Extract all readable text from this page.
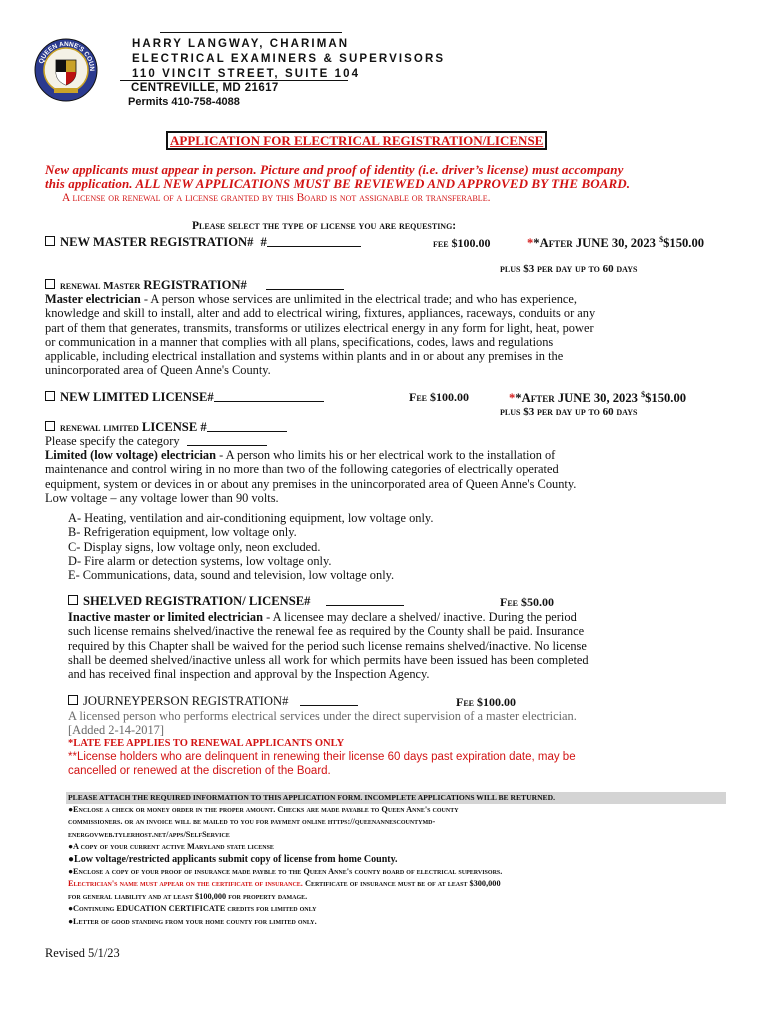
QUEEN ANNE'S COUN
HARRY LANGWAY, CHARIMAN
ELECTRICAL EXAMINERS & SUPERVISORS
110 VINCIT STREET, SUITE 104
CENTREVILLE, MD 21617
Permits 410-758-4088
APPLICATION FOR ELECTRICAL REGISTRATION/LICENSE
New applicants must appear in person. Picture and proof of identity (i.e. driver’s license) must accompany
this application. ALL NEW APPLICATIONS MUST BE REVIEWED AND APPROVED BY THE BOARD.
A license or renewal of a license granted by this Board is not assignable or transferable.
Please select the type of license you are requesting:
NEW MASTER REGISTRATION# #	fee $100.00	**After JUNE 30, 2023 $$150.00
plus $3 per day up to 60 days
renewal Master REGISTRATION#
Master electrician - A person whose services are unlimited in the electrical trade; and who has experience,
knowledge and skill to install, alter and add to electrical wiring, fixtures, appliances, raceways, conduits or any
part of them that generates, transmits, transforms or utilizes electrical energy in any form for light, heat, power
or communication in a manner that complies with all plans, specifications, codes, laws and regulations
applicable, including electrical installation and systems within plants and in or about any premises in the
unincorporated area of Queen Anne's County.
NEW LIMITED LICENSE#	Fee $100.00	**After JUNE 30, 2023 $$150.00
plus $3 per day up to 60 days
renewal limited LICENSE #
Please specify the category
Limited (low voltage) electrician - A person who limits his or her electrical work to the installation of
maintenance and control wiring in no more than two of the following categories of electrically operated
equipment, system or devices in or about any premises in the unincorporated area of Queen Anne's County.
Low voltage – any voltage lower than 90 volts.
A- Heating, ventilation and air-conditioning equipment, low voltage only.
B- Refrigeration equipment, low voltage only.
C- Display signs, low voltage only, neon excluded.
D- Fire alarm or detection systems, low voltage only.
E- Communications, data, sound and television, low voltage only.
SHELVED REGISTRATION/ LICENSE#	Fee $50.00
Inactive master or limited electrician - A licensee may declare a shelved/ inactive. During the period
such license remains shelved/inactive the renewal fee as required by the County shall be paid. Insurance
required by this Chapter shall be waived for the period such license remains shelved/inactive. No license
shall be deemed shelved/inactive unless all work for which permits have been issued has been completed
and has received final inspection and approval by the Inspection Agency.
JOURNEYPERSON REGISTRATION#	Fee $100.00
A licensed person who performs electrical services under the direct supervision of a master electrician.
[Added 2-14-2017]
*LATE FEE APPLIES TO RENEWAL APPLICANTS ONLY
**License holders who are delinquent in renewing their license 60 days past expiration date, may be
cancelled or renewed at the discretion of the Board.
PLEASE ATTACH THE REQUIRED INFORMATION TO THIS APPLICATION FORM. INCOMPLETE APPLICATIONS WILL BE RETURNED.
●Enclose a check or money order in the proper amount. Checks are made payable to Queen Anne's county
commissioners. or an invoice will be mailed to you for payment online https://queenannescountymd-
energovweb.tylerhost.net/apps/SelfService
●A copy of your current active Maryland state license
●Low voltage/restricted applicants submit copy of license from home County.
●Enclose a copy of your proof of insurance made payble to the Queen Anne's county board of electrical supervisors.
Electrician's name must appear on the certificate of insurance. Certificate of insurance must be of at least $300,000
for general liability and at least $100,000 for property damage.
●Continuing EDUCATION CERTIFICATE credits for limited only
●Letter of good standing from your home county for limited only.
Revised 5/1/23
